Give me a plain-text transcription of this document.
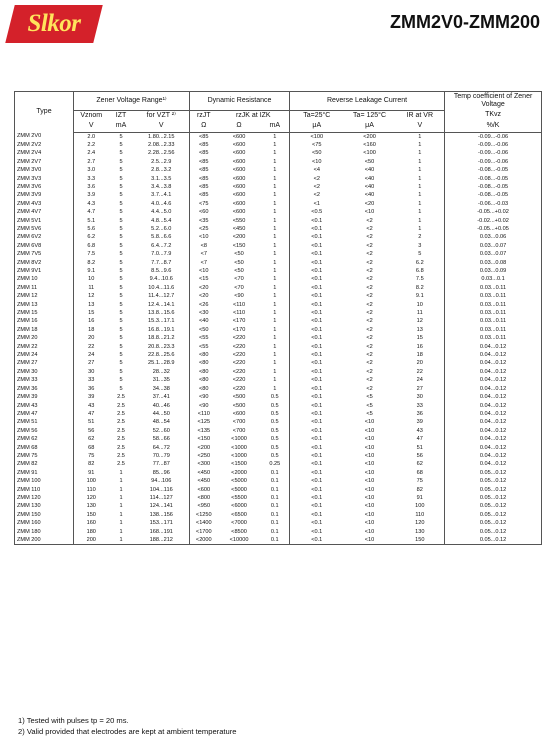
Slkor	ZMM2V0-ZMM200
Type	Zener Voltage Range¹⁾			Dynamic Resistance			Reverse Leakage Current			Temp coefficient of Zener Voltage
	Vznom	IZT	for VZT ²⁾	rzJT	rzJK at IZK		Ta=25°C	Ta= 125°C	IR at VR	TKvz
	V	mA	V	Ω	Ω	mA	μA	μA	V	%/K
ZMM 2V0	2.0	5	1.80...2.15	<85	<600	1	<100	<200	1	-0.09...-0.06
ZMM 2V2	2.2	5	2.08...2.33	<85	<600	1	<75	<160	1	-0.09...-0.06
ZMM 2V4	2.4	5	2.28...2.56	<85	<600	1	<50	<100	1	-0.09...-0.06
ZMM 2V7	2.7	5	2.5...2.9	<85	<600	1	<10	<50	1	-0.09...-0.06
ZMM 3V0	3.0	5	2.8...3.2	<85	<600	1	<4	<40	1	-0.08...-0.05
ZMM 3V3	3.3	5	3.1...3.5	<85	<600	1	<2	<40	1	-0.08...-0.05
ZMM 3V6	3.6	5	3.4...3.8	<85	<600	1	<2	<40	1	-0.08...-0.05
ZMM 3V9	3.9	5	3.7...4.1	<85	<600	1	<2	<40	1	-0.08...-0.05
ZMM 4V3	4.3	5	4.0...4.6	<75	<600	1	<1	<20	1	-0.06...-0.03
ZMM 4V7	4.7	5	4.4...5.0	<60	<600	1	<0.5	<10	1	-0.05...+0.02
ZMM 5V1	5.1	5	4.8...5.4	<35	<550	1	<0.1	<2	1	-0.02...+0.02
ZMM 5V6	5.6	5	5.2...6.0	<25	<450	1	<0.1	<2	1	-0.05...+0.05
ZMM 6V2	6.2	5	5.8...6.6	<10	<200	1	<0.1	<2	2	0.03...0.06
ZMM 6V8	6.8	5	6.4...7.2	<8	<150	1	<0.1	<2	3	0.03...0.07
ZMM 7V5	7.5	5	7.0...7.9	<7	<50	1	<0.1	<2	5	0.03...0.07
ZMM 8V2	8.2	5	7.7...8.7	<7	<50	1	<0.1	<2	6.2	0.03...0.08
ZMM 9V1	9.1	5	8.5...9.6	<10	<50	1	<0.1	<2	6.8	0.03...0.09
ZMM 10	10	5	9.4...10.6	<15	<70	1	<0.1	<2	7.5	0.03...0.1
ZMM 11	11	5	10.4...11.6	<20	<70	1	<0.1	<2	8.2	0.03...0.11
ZMM 12	12	5	11.4...12.7	<20	<90	1	<0.1	<2	9.1	0.03...0.11
ZMM 13	13	5	12.4...14.1	<26	<110	1	<0.1	<2	10	0.03...0.11
ZMM 15	15	5	13.8...15.6	<30	<110	1	<0.1	<2	11	0.03...0.11
ZMM 16	16	5	15.3...17.1	<40	<170	1	<0.1	<2	12	0.03...0.11
ZMM 18	18	5	16.8...19.1	<50	<170	1	<0.1	<2	13	0.03...0.11
ZMM 20	20	5	18.8...21.2	<55	<220	1	<0.1	<2	15	0.03...0.11
ZMM 22	22	5	20.8...23.3	<55	<220	1	<0.1	<2	16	0.04...0.12
ZMM 24	24	5	22.8...25.6	<80	<220	1	<0.1	<2	18	0.04...0.12
ZMM 27	27	5	25.1...28.9	<80	<220	1	<0.1	<2	20	0.04...0.12
ZMM 30	30	5	28...32	<80	<220	1	<0.1	<2	22	0.04...0.12
ZMM 33	33	5	31...35	<80	<220	1	<0.1	<2	24	0.04...0.12
ZMM 36	36	5	34...38	<80	<220	1	<0.1	<2	27	0.04...0.12
ZMM 39	39	2.5	37...41	<90	<500	0.5	<0.1	<5	30	0.04...0.12
ZMM 43	43	2.5	40...46	<90	<500	0.5	<0.1	<5	33	0.04...0.12
ZMM 47	47	2.5	44...50	<110	<600	0.5	<0.1	<5	36	0.04...0.12
ZMM 51	51	2.5	48...54	<125	<700	0.5	<0.1	<10	39	0.04...0.12
ZMM 56	56	2.5	52...60	<135	<700	0.5	<0.1	<10	43	0.04...0.12
ZMM 62	62	2.5	58...66	<150	<1000	0.5	<0.1	<10	47	0.04...0.12
ZMM 68	68	2.5	64...72	<200	<1000	0.5	<0.1	<10	51	0.04...0.12
ZMM 75	75	2.5	70...79	<250	<1000	0.5	<0.1	<10	56	0.04...0.12
ZMM 82	82	2.5	77...87	<300	<1500	0.25	<0.1	<10	62	0.04...0.12
ZMM 91	91	1	85...96	<450	<2000	0.1	<0.1	<10	68	0.05...0.12
ZMM 100	100	1	94...106	<450	<5000	0.1	<0.1	<10	75	0.05...0.12
ZMM 110	110	1	104...116	<600	<5000	0.1	<0.1	<10	82	0.05...0.12
ZMM 120	120	1	114...127	<800	<5500	0.1	<0.1	<10	91	0.05...0.12
ZMM 130	130	1	124...141	<950	<6000	0.1	<0.1	<10	100	0.05...0.12
ZMM 150	150	1	138...156	<1250	<6500	0.1	<0.1	<10	110	0.05...0.12
ZMM 160	160	1	153...171	<1400	<7000	0.1	<0.1	<10	120	0.05...0.12
ZMM 180	180	1	168...191	<1700	<8500	0.1	<0.1	<10	130	0.05...0.12
ZMM 200	200	1	188...212	<2000	<10000	0.1	<0.1	<10	150	0.05...0.12
1) Tested with pulses tp = 20 ms.
2) Valid provided that electrodes are kept at ambient temperature
